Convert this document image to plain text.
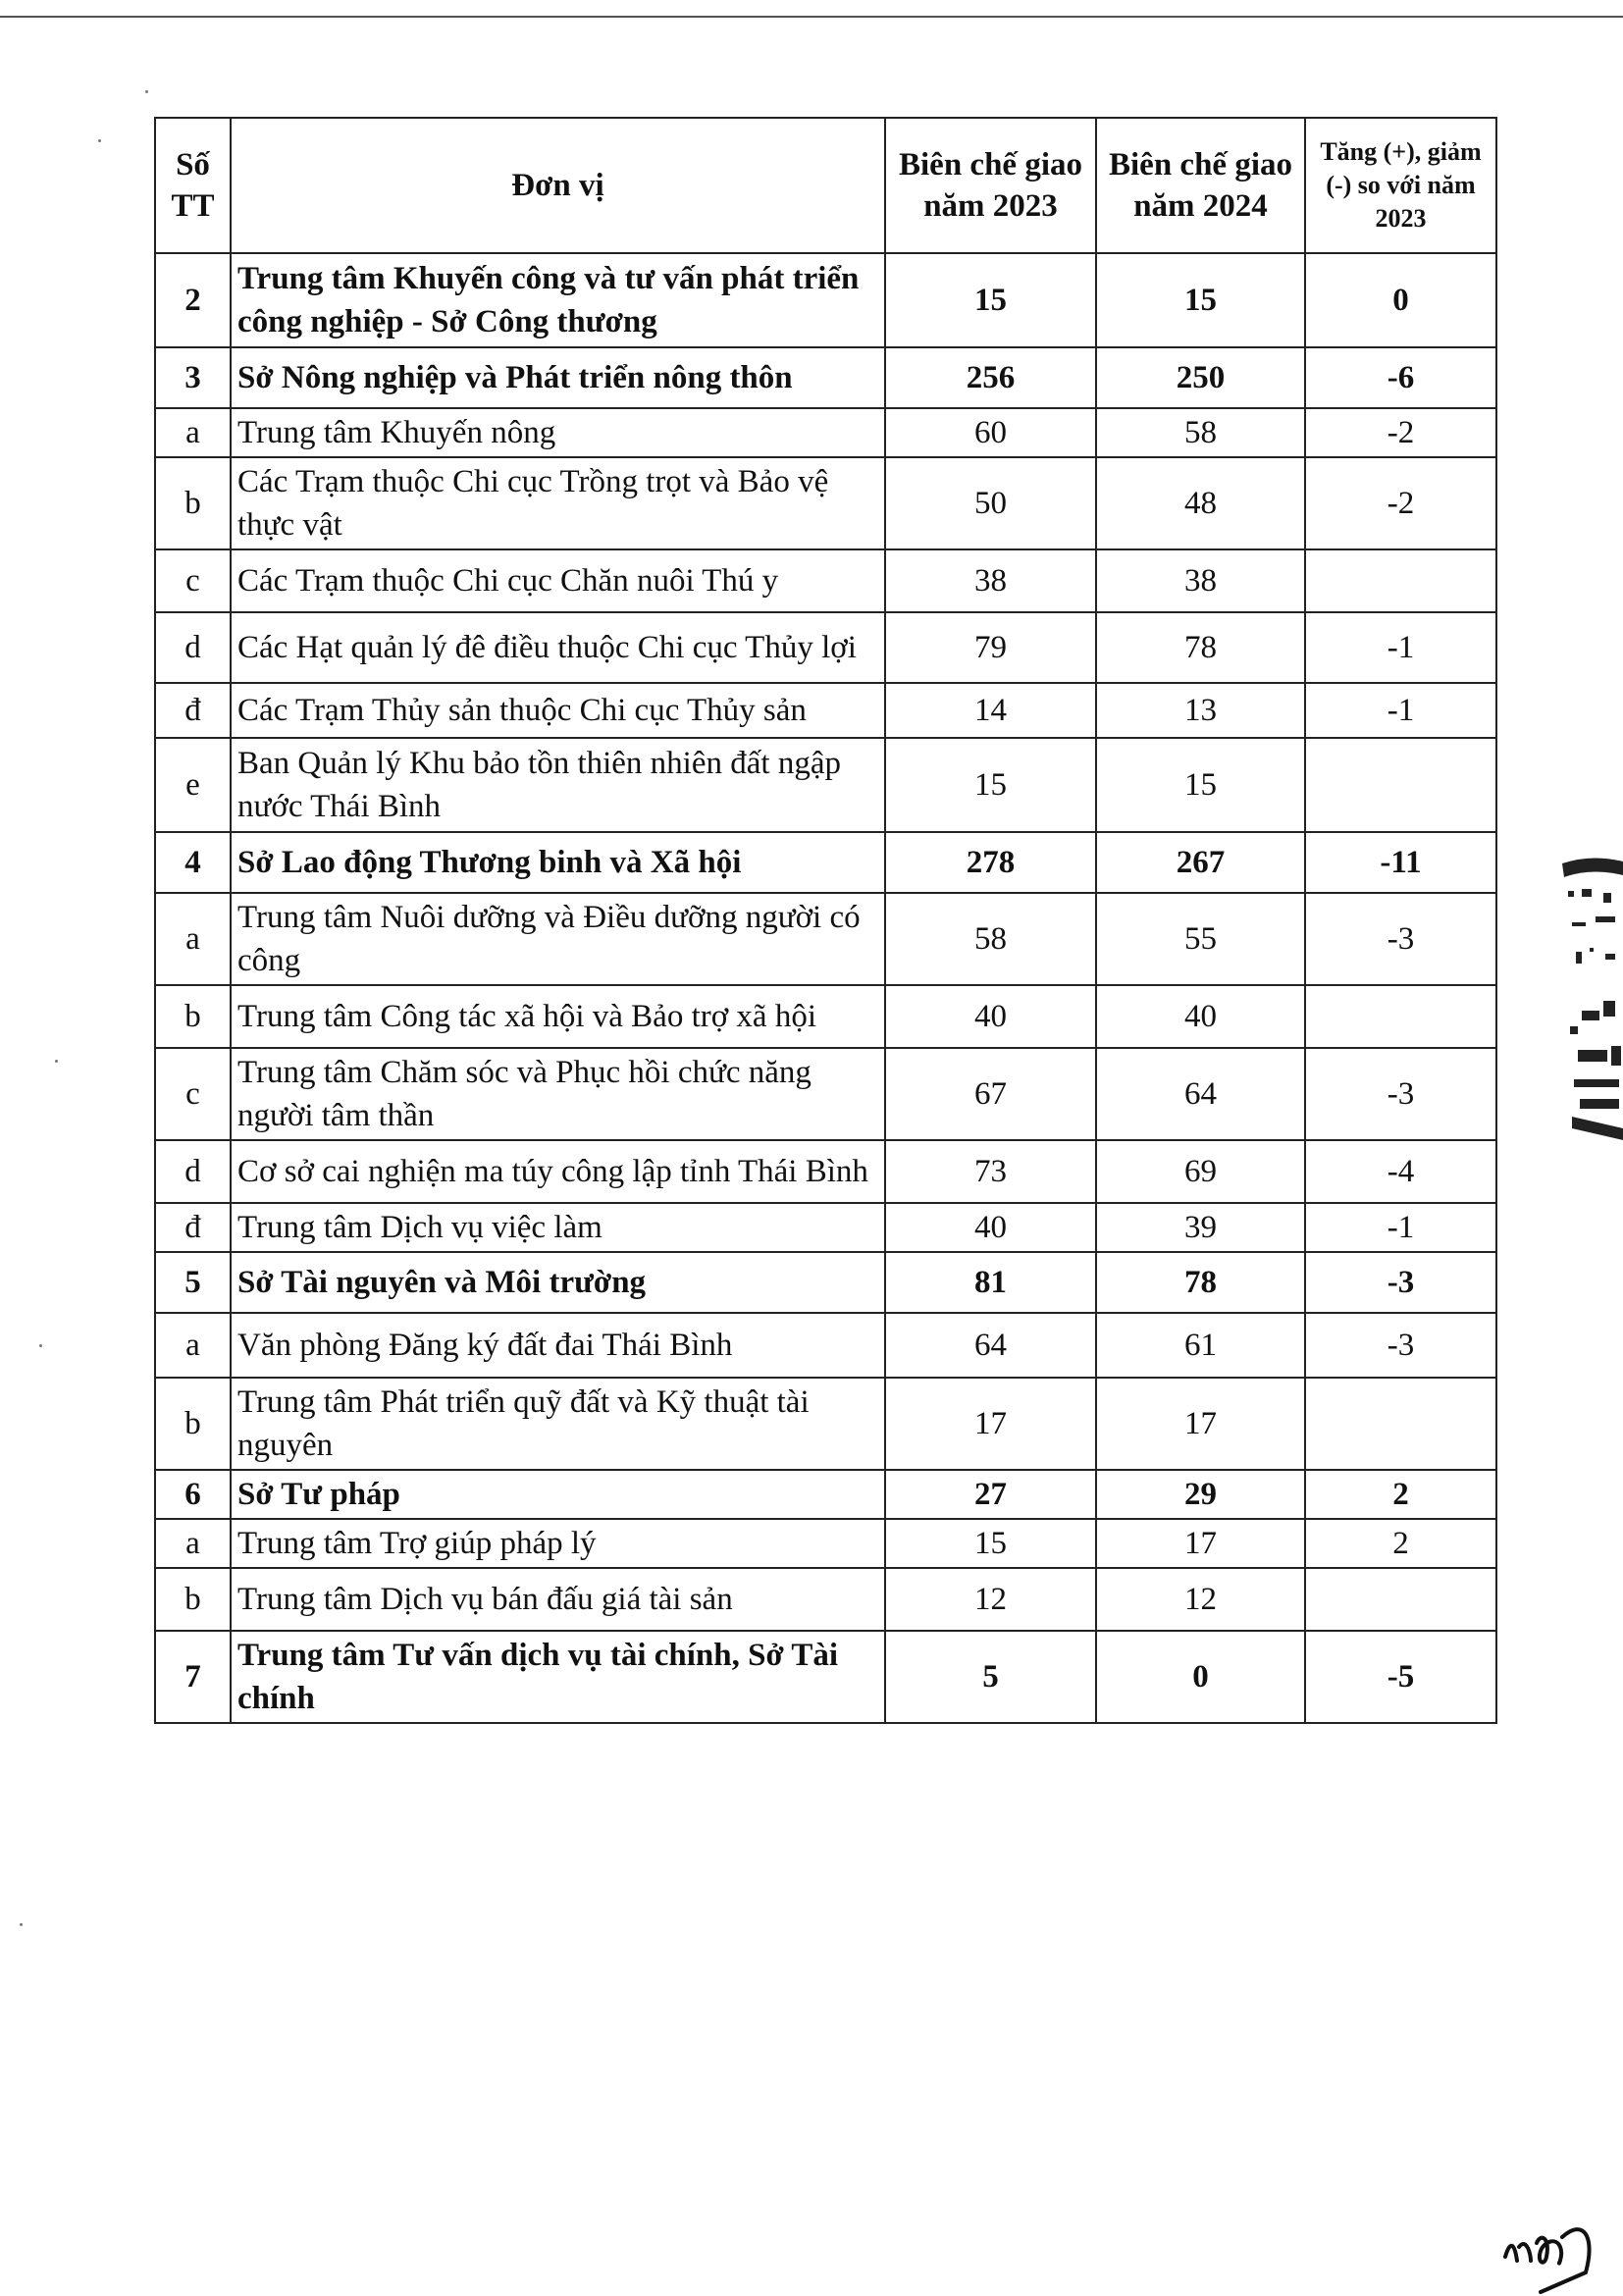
Số TT	Đơn vị	Biên chế giao năm 2023	Biên chế giao năm 2024	Tăng (+), giảm (-) so với năm 2023
2	Trung tâm Khuyến công và tư vấn phát triển công nghiệp - Sở Công thương	15	15	0
3	Sở Nông nghiệp và Phát triển nông thôn	256	250	-6
a	Trung tâm Khuyến nông	60	58	-2
b	Các Trạm thuộc Chi cục Trồng trọt và Bảo vệ thực vật	50	48	-2
c	Các Trạm thuộc Chi cục Chăn nuôi Thú y	38	38	
d	Các Hạt quản lý đê điều thuộc Chi cục Thủy lợi	79	78	-1
đ	Các Trạm Thủy sản thuộc Chi cục Thủy sản	14	13	-1
e	Ban Quản lý Khu bảo tồn thiên nhiên đất ngập nước Thái Bình	15	15	
4	Sở Lao động Thương binh và Xã hội	278	267	-11
a	Trung tâm Nuôi dưỡng và Điều dưỡng người có công	58	55	-3
b	Trung tâm Công tác xã hội và Bảo trợ xã hội	40	40	
c	Trung tâm Chăm sóc và Phục hồi chức năng người tâm thần	67	64	-3
d	Cơ sở cai nghiện ma túy công lập tỉnh Thái Bình	73	69	-4
đ	Trung tâm Dịch vụ việc làm	40	39	-1
5	Sở Tài nguyên và Môi trường	81	78	-3
a	Văn phòng Đăng ký đất đai Thái Bình	64	61	-3
b	Trung tâm Phát triển quỹ đất và Kỹ thuật tài nguyên	17	17	
6	Sở Tư pháp	27	29	2
a	Trung tâm Trợ giúp pháp lý	15	17	2
b	Trung tâm Dịch vụ bán đấu giá tài sản	12	12	
7	Trung tâm Tư vấn dịch vụ tài chính, Sở Tài chính	5	0	-5
